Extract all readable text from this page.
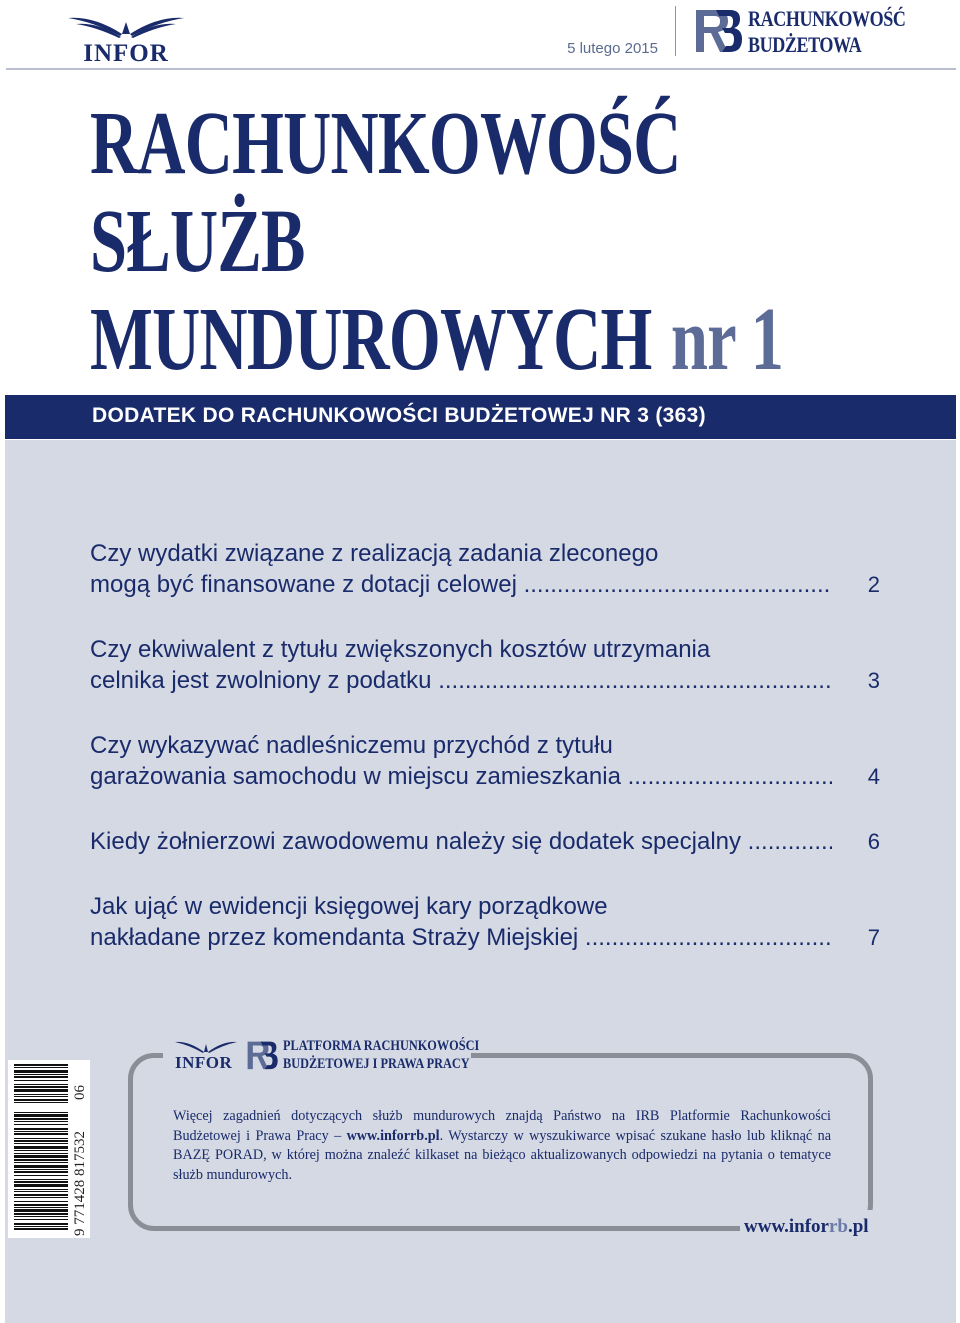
INFOR	5 lutego 2015
RACHUNKOWOŚĆ
BUDŻETOWA
RACHUNKOWOŚĆ
SŁUŻB
MUNDUROWYCH nr 1
DODATEK DO RACHUNKOWOŚCI BUDŻETOWEJ NR 3 (363)
Czy wydatki związane z realizacją zadania zleconego
mogą być finansowane z dotacji celowej .....	2
Czy ekwiwalent z tytułu zwiększonych kosztów utrzymania
celnika jest zwolniony z podatku .....	3
Czy wykazywać nadleśniczemu przychód z tytułu
garażowania samochodu w miejscu zamieszkania .....	4
Kiedy żołnierzowi zawodowemu należy się dodatek specjalny .....	6
Jak ująć w ewidencji księgowej kary porządkowe
nakładane przez komendanta Straży Miejskiej .....	7
9 771428 817532
06
INFOR
PLATFORMA RACHUNKOWOŚCI
BUDŻETOWEJ I PRAWA PRACY
Więcej zagadnień dotyczących służb mundurowych znajdą Państwo na IRB Platformie Rachunkowości Budżetowej i Prawa Pracy – www.inforrb.pl. Wystarczy w wyszukiwarce wpisać szukane hasło lub kliknąć na BAZĘ PORAD, w której można znaleźć kilkaset na bieżąco aktualizowanych odpowiedzi na pytania o tematyce służb mundurowych.
www.inforrb.pl
